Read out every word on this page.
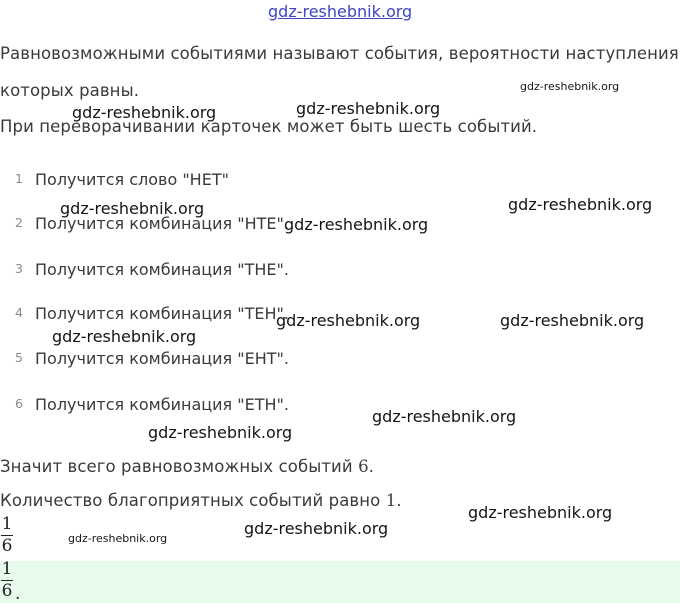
gdz-reshebnik.org
Равновозможными событиями называют события, вероятности наступления
которых равны.
При переворачивании карточек может быть шесть событий.
1 Получится слово "НЕТ"
2 Получится комбинация "НТЕ".
3 Получится комбинация "ТНЕ".
4 Получится комбинация "ТЕН".
5 Получится комбинация "ЕНТ".
6 Получится комбинация "ЕТН".
Значит всего равновозможных событий 6.
Количество благоприятных событий равно 1.
1
6
1
6 .
gdz-reshebnik.org
gdz-reshebnik.org	gdz-reshebnik.org
gdz-reshebnik.org	gdz-reshebnik.org
gdz-reshebnik.org
gdz-reshebnik.org	gdz-reshebnik.org
gdz-reshebnik.org
gdz-reshebnik.org
gdz-reshebnik.org
gdz-reshebnik.org
gdz-reshebnik.org
gdz-reshebnik.org
